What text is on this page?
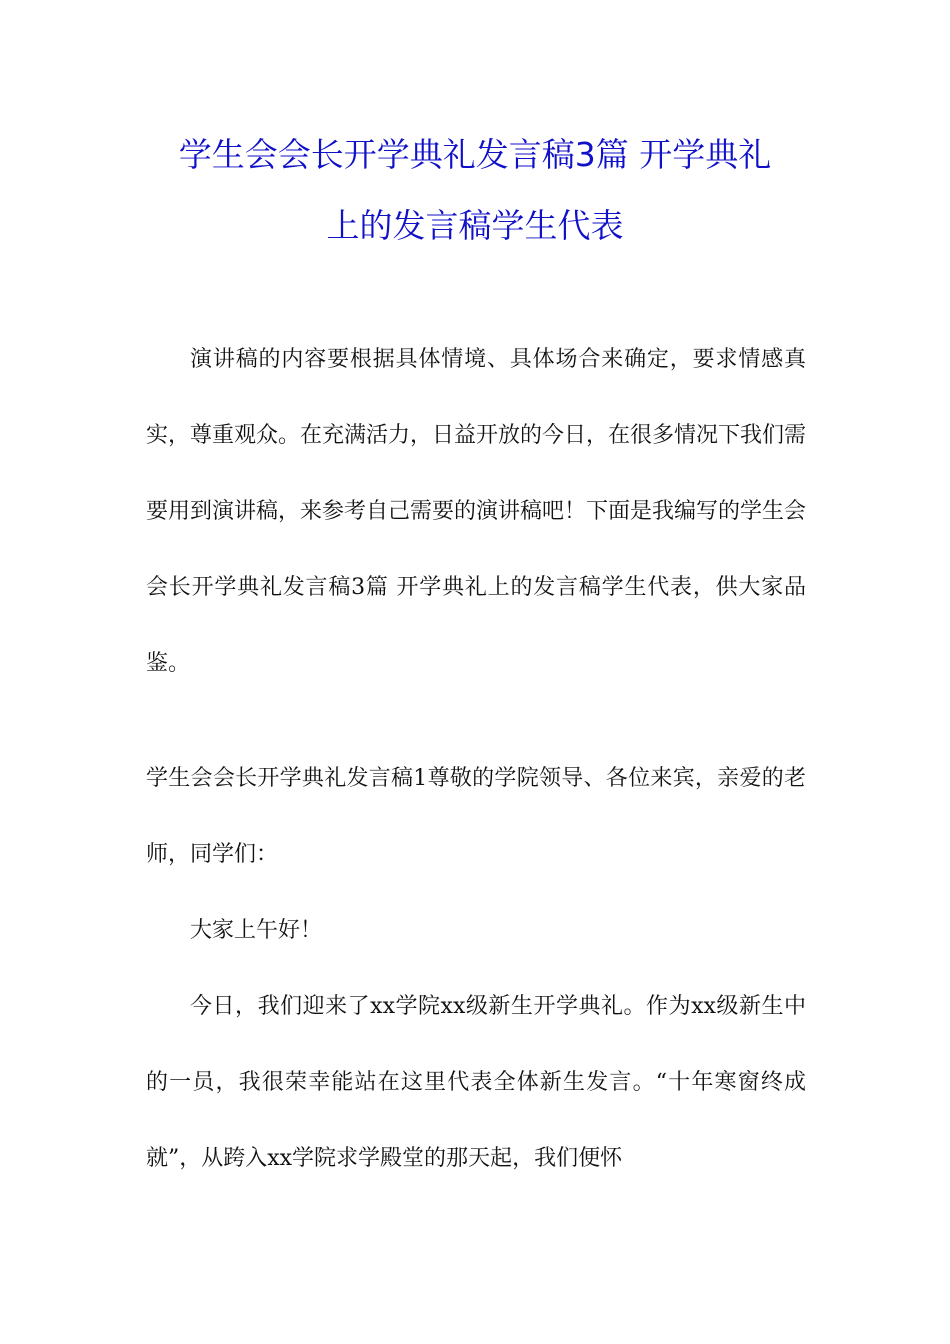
学生会会长开学典礼发言稿3篇 开学典礼
上的发言稿学生代表
演讲稿的内容要根据具体情境、具体场合来确定，要求情感真实，尊重观众。在充满活力，日益开放的今日，在很多情况下我们需要用到演讲稿，来参考自己需要的演讲稿吧！下面是我编写的学生会会长开学典礼发言稿3篇 开学典礼上的发言稿学生代表，供大家品鉴。
学生会会长开学典礼发言稿1尊敬的学院领导、各位来宾，亲爱的老师，同学们：
大家上午好！
今日，我们迎来了xx学院xx级新生开学典礼。作为xx级新生中的一员，我很荣幸能站在这里代表全体新生发言。“十年寒窗终成就”，从跨入xx学院求学殿堂的那天起，我们便怀
